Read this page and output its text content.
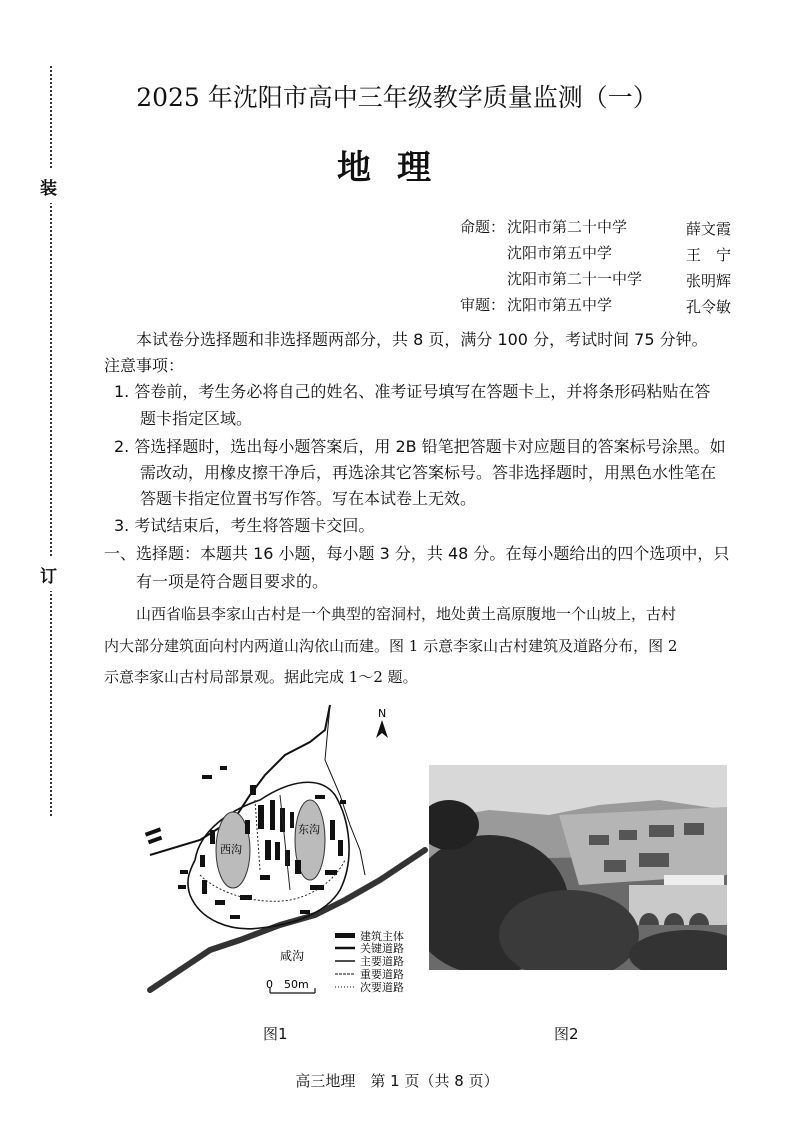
装
订
2025 年沈阳市高中三年级教学质量监测（一）
地理
命题： 沈阳市第二十中学	薛文霞
沈阳市第五中学	王　宁
沈阳市第二十一中学	张明辉
审题： 沈阳市第五中学	孔令敏
本试卷分选择题和非选择题两部分，共 8 页，满分 100 分，考试时间 75 分钟。
注意事项：
1. 答卷前，考生务必将自己的姓名、准考证号填写在答题卡上，并将条形码粘贴在答
题卡指定区域。
2. 答选择题时，选出每小题答案后，用 2B 铅笔把答题卡对应题目的答案标号涂黑。如
需改动，用橡皮擦干净后，再选涂其它答案标号。答非选择题时，用黑色水性笔在
答题卡指定位置书写作答。写在本试卷上无效。
3. 考试结束后，考生将答题卡交回。
一、选择题：本题共 16 小题，每小题 3 分，共 48 分。在每小题给出的四个选项中，只
有一项是符合题目要求的。
山西省临县李家山古村是一个典型的窑洞村，地处黄土高原腹地一个山坡上，古村
内大部分建筑面向村内两道山沟依山而建。图 1 示意李家山古村建筑及道路分布，图 2
示意李家山古村局部景观。据此完成 1～2 题。
N
东沟
西沟
咸沟
建筑主体
关键道路
主要道路
重要道路
次要道路
0　50m
图1	图2
高三地理　第 1 页（共 8 页）
